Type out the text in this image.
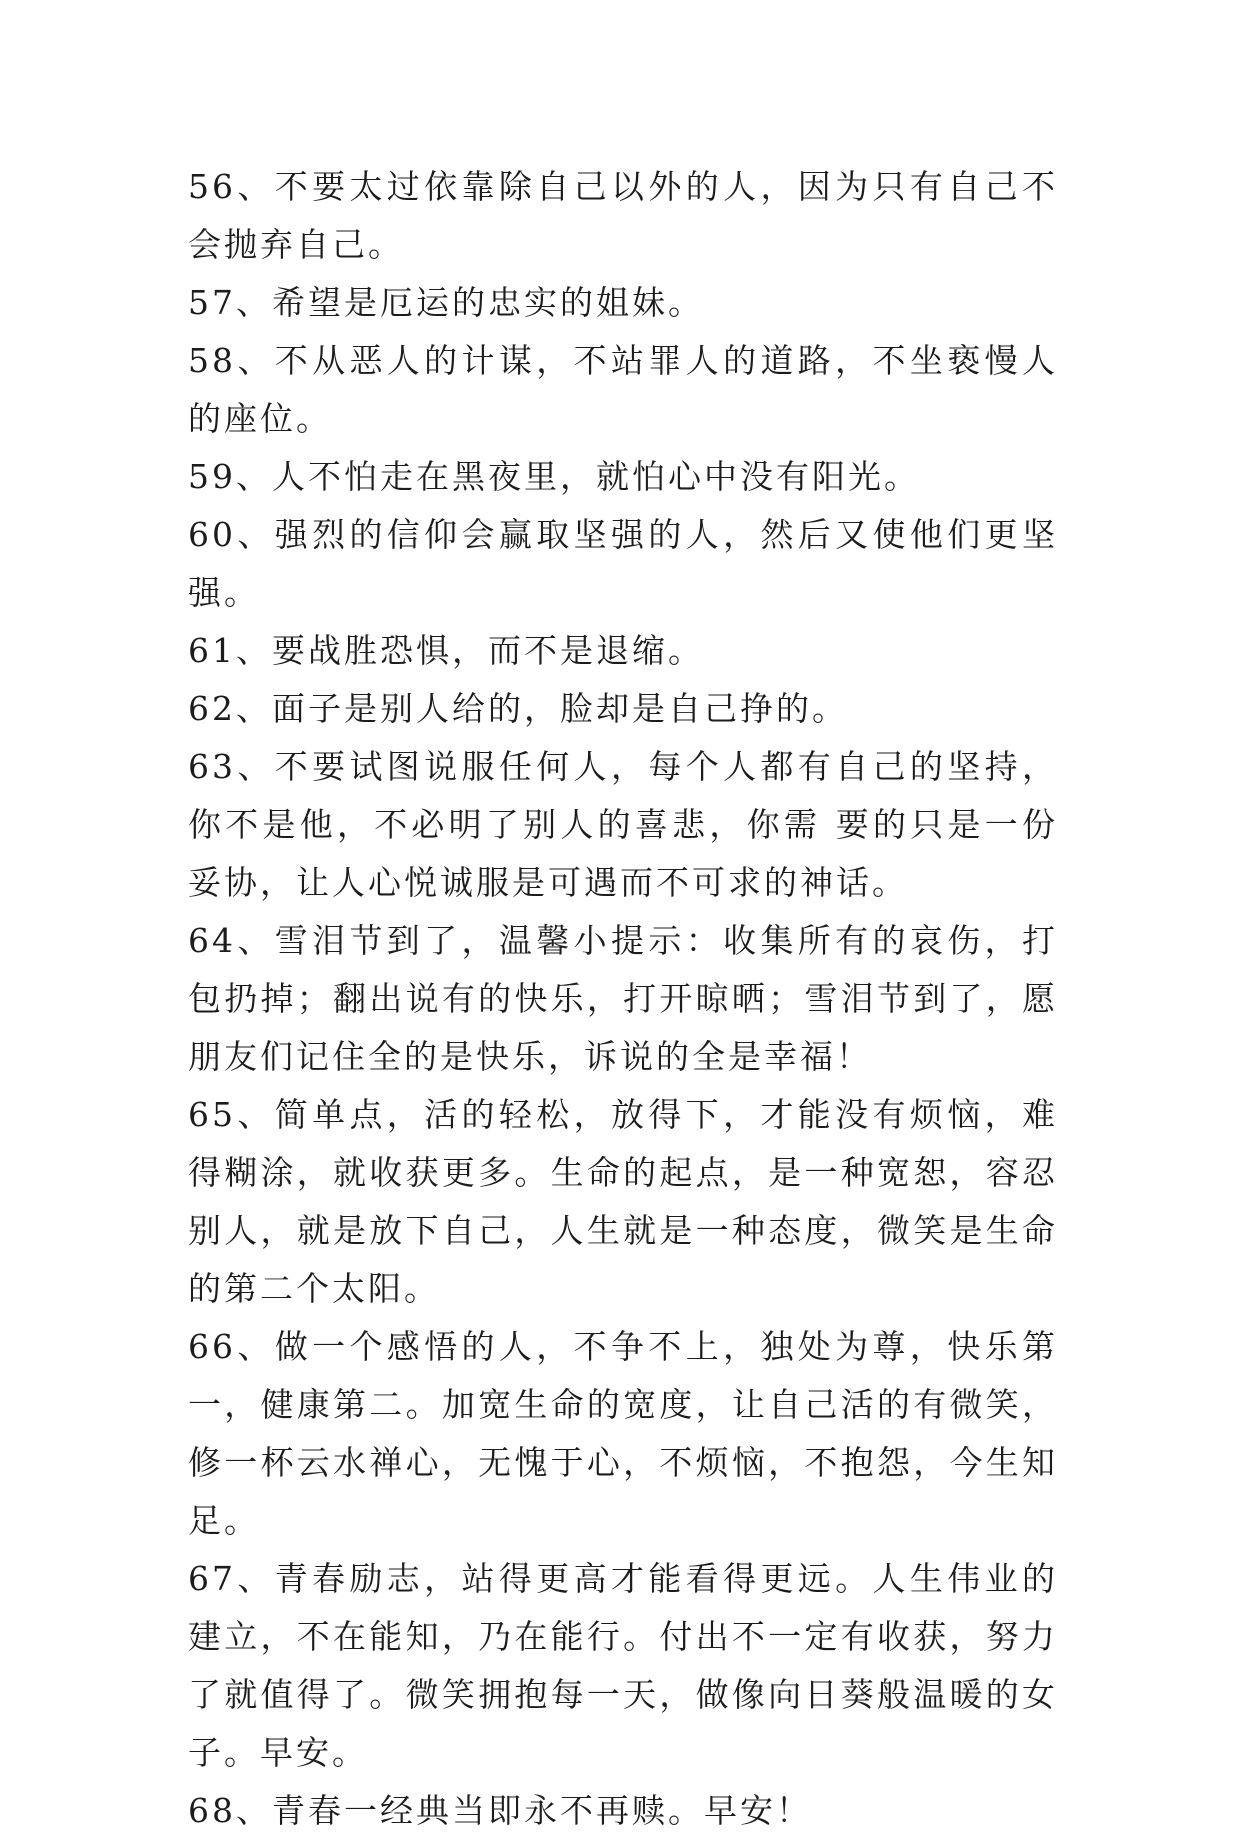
56、不要太过依靠除自己以外的人，因为只有自己不会抛弃自己。

57、希望是厄运的忠实的姐妹。

58、不从恶人的计谋，不站罪人的道路，不坐亵慢人的座位。

59、人不怕走在黑夜里，就怕心中没有阳光。

60、强烈的信仰会赢取坚强的人，然后又使他们更坚强。

61、要战胜恐惧，而不是退缩。

62、面子是别人给的，脸却是自己挣的。

63、不要试图说服任何人，每个人都有自己的坚持，你不是他，不必明了别人的喜悲，你需 要的只是一份妥协，让人心悦诚服是可遇而不可求的神话。

64、雪泪节到了，温馨小提示：收集所有的哀伤，打包扔掉；翻出说有的快乐，打开晾晒；雪泪节到了，愿朋友们记住全的是快乐，诉说的全是幸福！

65、简单点，活的轻松，放得下，才能没有烦恼，难得糊涂，就收获更多。生命的起点，是一种宽恕，容忍别人，就是放下自己，人生就是一种态度，微笑是生命的第二个太阳。

66、做一个感悟的人，不争不上，独处为尊，快乐第一，健康第二。加宽生命的宽度，让自己活的有微笑，修一杯云水禅心，无愧于心，不烦恼，不抱怨，今生知足。

67、青春励志，站得更高才能看得更远。人生伟业的建立，不在能知，乃在能行。付出不一定有收获，努力了就值得了。微笑拥抱每一天，做像向日葵般温暖的女子。早安。

68、青春一经典当即永不再赎。早安！
